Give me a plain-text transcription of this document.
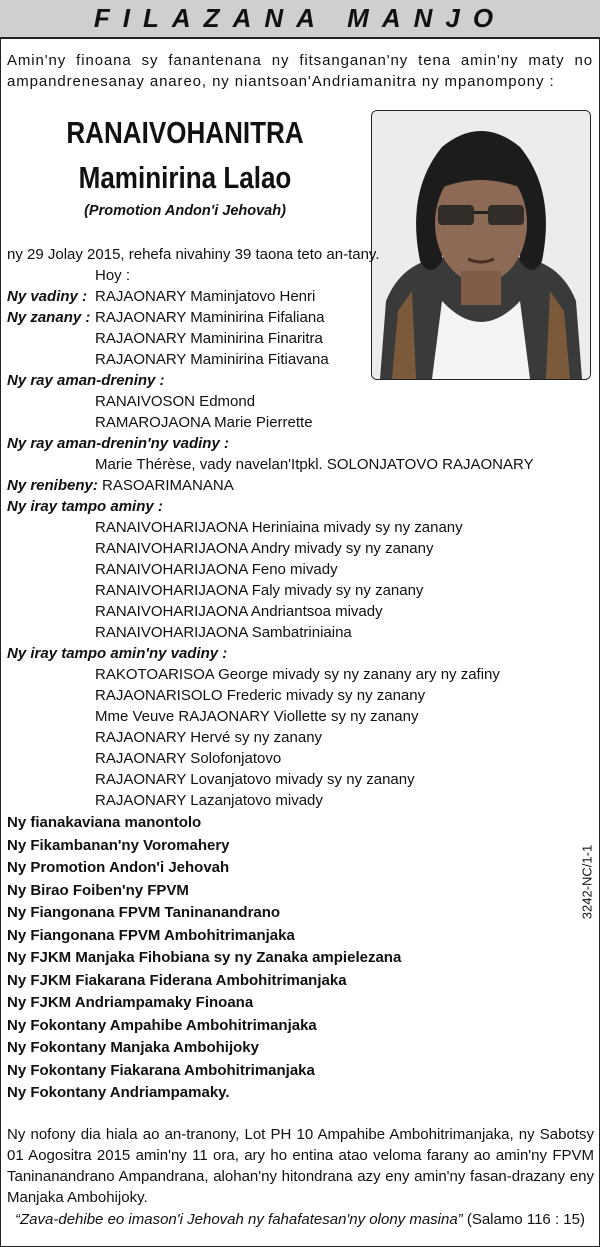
FILAZANA MANJO
Amin'ny finoana sy fanantenana ny fitsanganan'ny tena amin'ny maty no ampandrenesanay anareo, ny niantsoan'Andriamanitra ny mpanompony :
RANAIVOHANITRA
Maminirina Lalao
(Promotion Andon'i Jehovah)
ny 29 Jolay 2015, rehefa nivahiny 39 taona teto an-tany.
Hoy :
Ny vadiny : RAJAONARY Maminjatovo Henri
Ny zanany : RAJAONARY Maminirina Fifaliana
RAJAONARY Maminirina Finaritra
RAJAONARY Maminirina Fitiavana
Ny ray aman-dreniny :
RANAIVOSON Edmond
RAMAROJAONA Marie Pierrette
Ny ray aman-drenin'ny vadiny :
Marie Thérèse, vady navelan'Itpkl. SOLONJATOVO RAJAONARY
Ny renibeny: RASOARIMANANA
Ny iray tampo aminy :
RANAIVOHARIJAONA Heriniaina mivady sy ny zanany
RANAIVOHARIJAONA Andry mivady sy ny zanany
RANAIVOHARIJAONA Feno mivady
RANAIVOHARIJAONA Faly mivady sy ny zanany
RANAIVOHARIJAONA Andriantsoa mivady
RANAIVOHARIJAONA Sambatriniaina
Ny iray tampo amin'ny vadiny :
RAKOTOARISOA George mivady sy ny zanany ary ny zafiny
RAJAONARISOLO Frederic mivady sy ny zanany
Mme Veuve RAJAONARY Viollette sy ny zanany
RAJAONARY Hervé sy ny zanany
RAJAONARY Solofonjatovo
RAJAONARY Lovanjatovo mivady sy ny zanany
RAJAONARY Lazanjatovo mivady
Ny fianakaviana manontolo
Ny Fikambanan'ny Voromahery
Ny Promotion Andon'i Jehovah
Ny Birao Foiben'ny FPVM
Ny Fiangonana FPVM Taninanandrano
Ny Fiangonana FPVM Ambohitrimanjaka
Ny FJKM Manjaka Fihobiana sy ny Zanaka ampielezana
Ny FJKM Fiakarana Fiderana Ambohitrimanjaka
Ny FJKM Andriampamaky Finoana
Ny Fokontany Ampahibe Ambohitrimanjaka
Ny Fokontany Manjaka Ambohijoky
Ny Fokontany Fiakarana Ambohitrimanjaka
Ny Fokontany Andriampamaky.
3242-NC/1-1
Ny nofony dia hiala ao an-tranony, Lot PH 10 Ampahibe Ambohitrimanjaka, ny Sabotsy 01 Aogositra 2015 amin'ny 11 ora, ary ho entina atao veloma farany ao amin'ny FPVM Taninanandrano Ampandrana, alohan'ny hitondrana azy eny amin'ny fasan-drazany eny Manjaka Ambohijoky.
“Zava-dehibe eo imason'i Jehovah ny fahafatesan'ny olony masina” (Salamo 116 : 15)
